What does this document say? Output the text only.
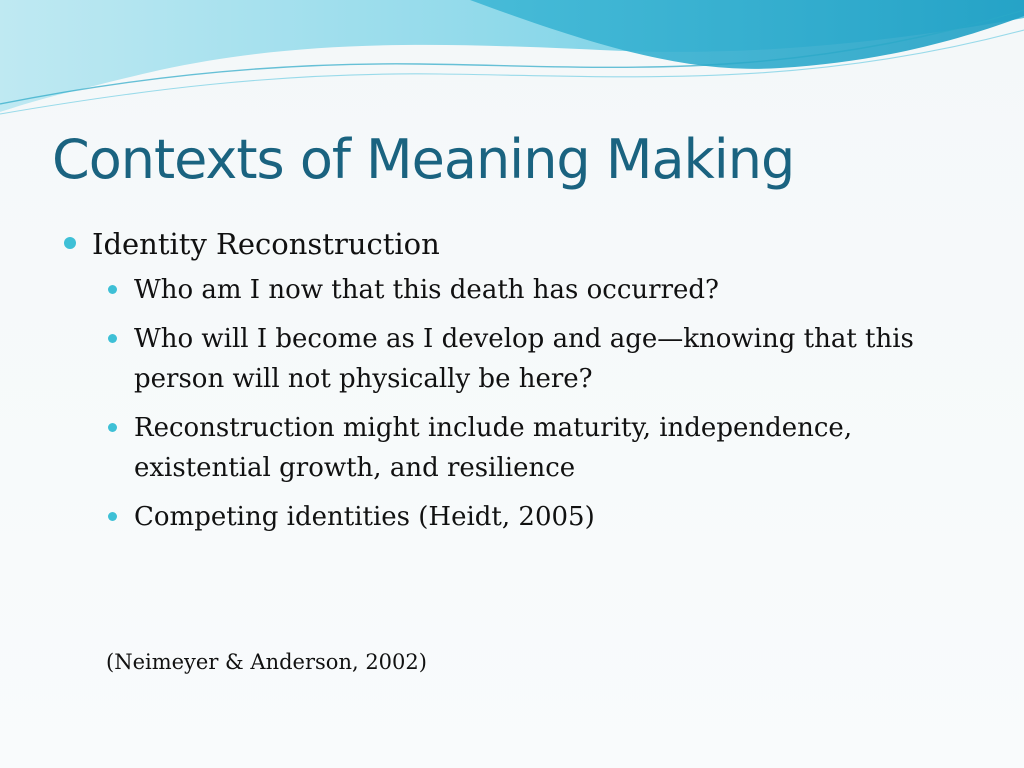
Contexts of Meaning Making
Identity Reconstruction
Who am I now that this death has occurred?
Who will I become as I develop and age—knowing that this person will not physically be here?
Reconstruction might include maturity, independence, existential growth, and resilience
Competing identities (Heidt, 2005)
(Neimeyer & Anderson, 2002)
